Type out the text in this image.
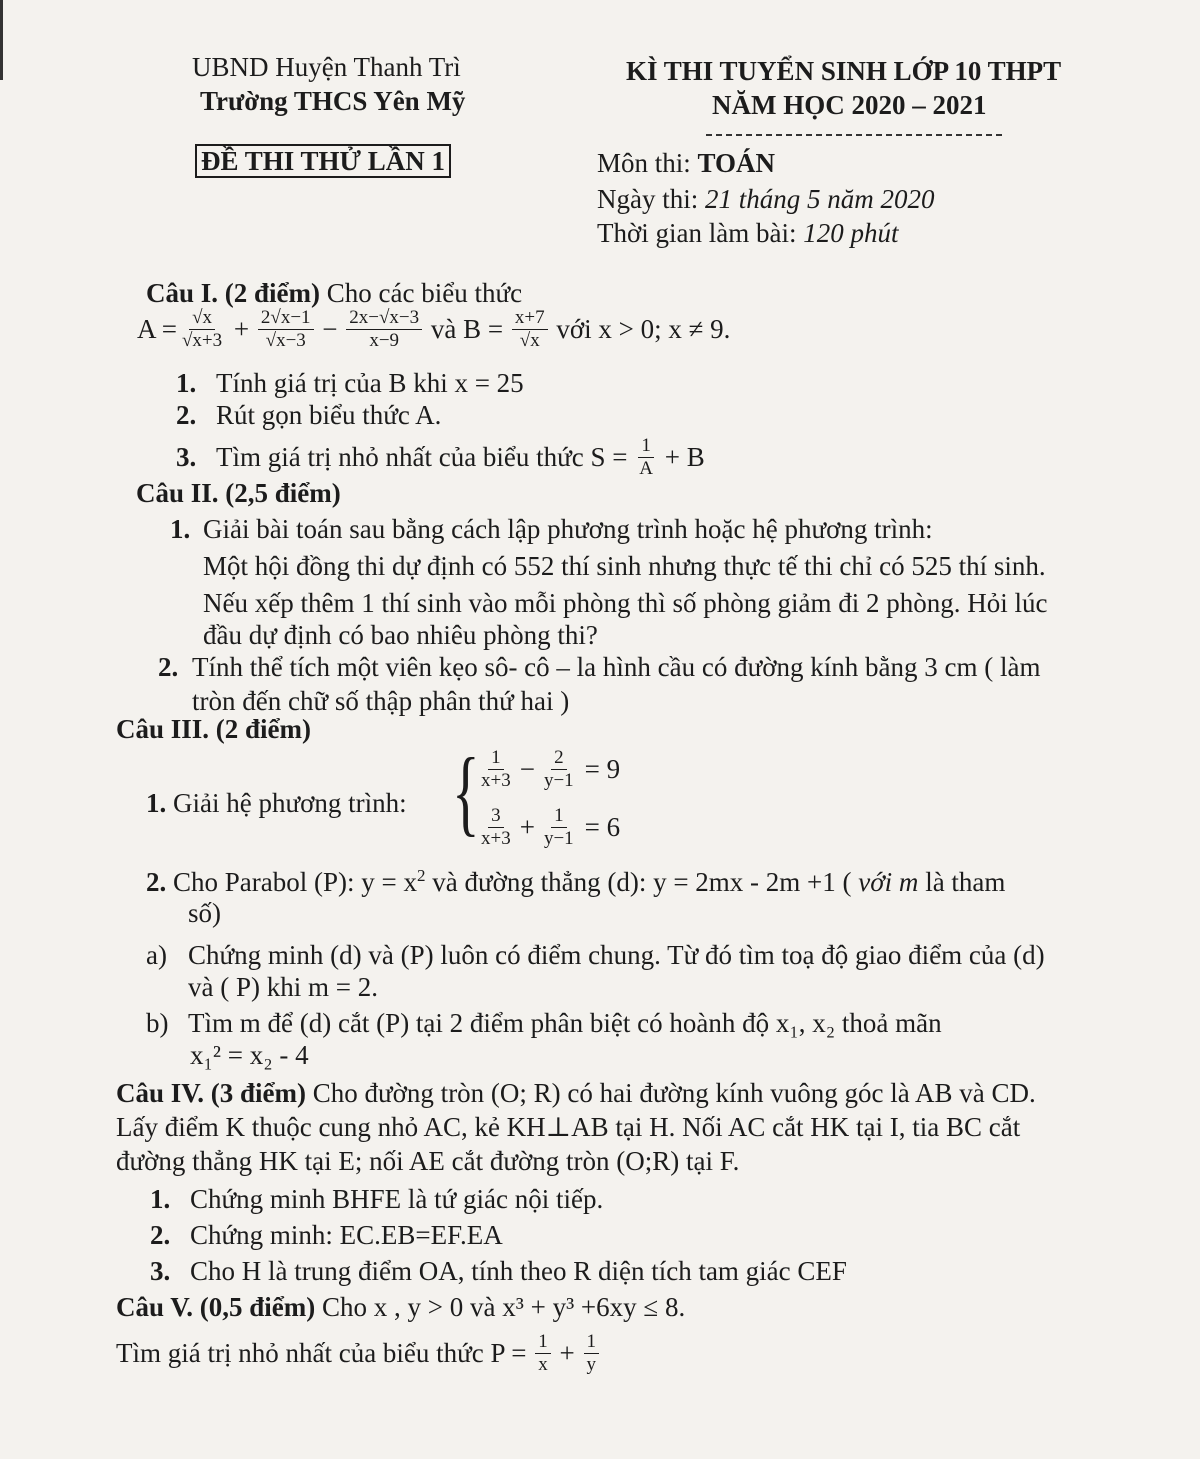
UBND Huyện Thanh Trì
Trường THCS Yên Mỹ
ĐỀ THI THỬ LẦN 1
KÌ THI TUYỂN SINH LỚP 10 THPT
NĂM HỌC 2020 – 2021
Môn thi: TOÁN
Ngày thi: 21 tháng 5 năm 2020
Thời gian làm bài: 120 phút
Câu I. (2 điểm) Cho các biểu thức
$A = \frac{√x}{√x+3} + \frac{2√x-1}{√x-3} - \frac{2x-√x-3}{x-9}$ và $B = \frac{x+7}{√x}$ với x > 0; x ≠ 9.
1. Tính giá trị của B khi x = 25
2. Rút gọn biểu thức A.
3. Tìm giá trị nhỏ nhất của biểu thức $S = \frac{1}{A} + B$
Câu II. (2,5 điểm)
1. Giải bài toán sau bằng cách lập phương trình hoặc hệ phương trình:
Một hội đồng thi dự định có 552 thí sinh nhưng thực tế thi chỉ có 525 thí sinh.
Nếu xếp thêm 1 thí sinh vào mỗi phòng thì số phòng giảm đi 2 phòng. Hỏi lúc
đầu dự định có bao nhiêu phòng thi?
2. Tính thể tích một viên kẹo sô- cô – la hình cầu có đường kính bằng 3 cm ( làm
tròn đến chữ số thập phân thứ hai )
Câu III. (2 điểm)
1. Giải hệ phương trình: {
$\frac{1}{x+3} - \frac{2}{y-1} = 9$
$\frac{3}{x+3} + \frac{1}{y-1} = 6$
2. Cho Parabol (P): $y = x^2$ và đường thẳng (d): y = 2mx - 2m +1 ( với m là tham
số)
a) Chứng minh (d) và (P) luôn có điểm chung. Từ đó tìm toạ độ giao điểm của (d)
và ( P) khi m = 2.
b) Tìm m để (d) cắt (P) tại 2 điểm phân biệt có hoành độ x₁, x₂ thoả mãn
x₁² = x₂ - 4
Câu IV. (3 điểm) Cho đường tròn (O; R) có hai đường kính vuông góc là AB và CD.
Lấy điểm K thuộc cung nhỏ AC, kẻ KH⊥AB tại H. Nối AC cắt HK tại I, tia BC cắt
đường thẳng HK tại E; nối AE cắt đường tròn (O;R) tại F.
1. Chứng minh BHFE là tứ giác nội tiếp.
2. Chứng minh: EC.EB=EF.EA
3. Cho H là trung điểm OA, tính theo R diện tích tam giác CEF
Câu V. (0,5 điểm) Cho x , y > 0 và x³ + y³ +6xy ≤ 8.
Tìm giá trị nhỏ nhất của biểu thức $P = \frac{1}{x} + \frac{1}{y}$
